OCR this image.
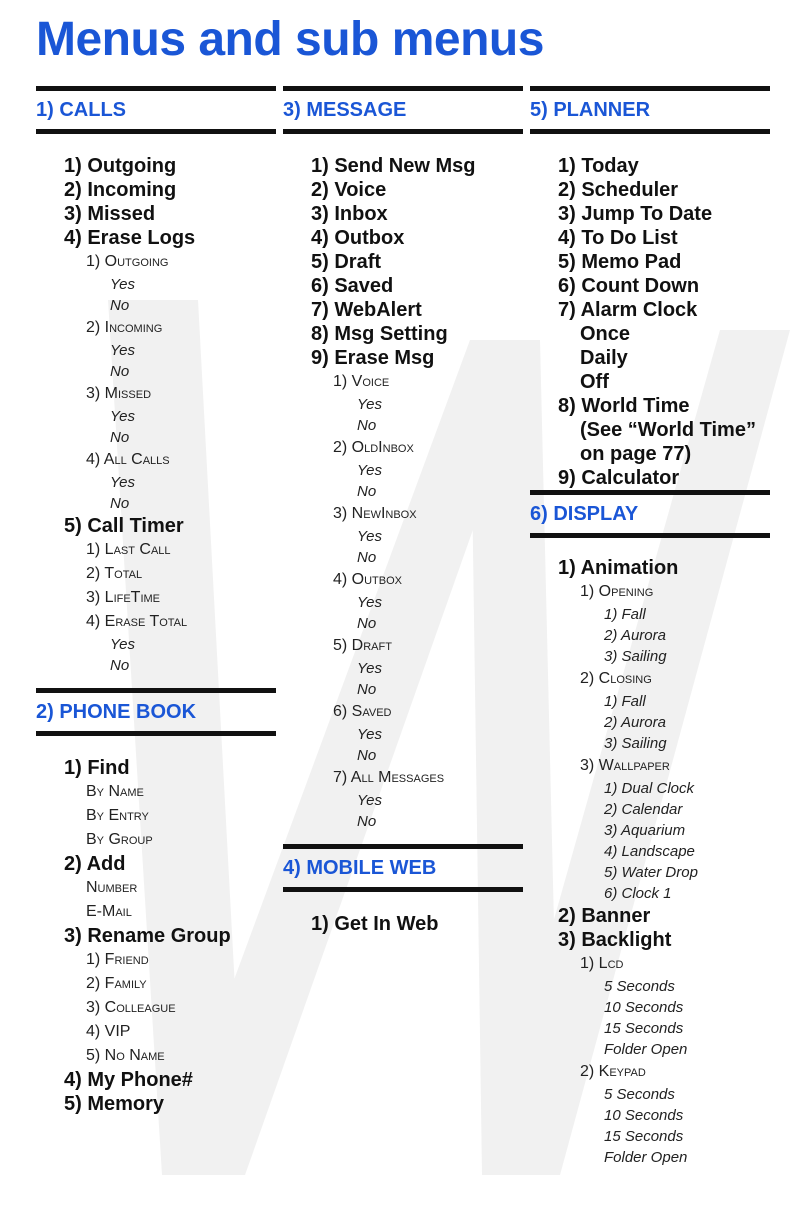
Menus and sub menus
1) CALLS
1) Outgoing
2) Incoming
3) Missed
4) Erase Logs
1) Outgoing
Yes
No
2) Incoming
Yes
No
3) Missed
Yes
No
4) All Calls
Yes
No
5) Call Timer
1) Last Call
2) Total
3) LifeTime
4) Erase Total
Yes
No
2) PHONE BOOK
1) Find
By Name
By Entry
By Group
2) Add
Number
E-Mail
3) Rename Group
1) Friend
2) Family
3) Colleague
4) VIP
5) No Name
4) My Phone#
5) Memory
3) MESSAGE
1) Send New Msg
2) Voice
3) Inbox
4) Outbox
5) Draft
6) Saved
7) WebAlert
8) Msg Setting
9) Erase Msg
1) Voice
Yes
No
2) OldInbox
Yes
No
3) NewInbox
Yes
No
4) Outbox
Yes
No
5) Draft
Yes
No
6) Saved
Yes
No
7) All Messages
Yes
No
4) MOBILE WEB
1) Get In Web
5) PLANNER
1) Today
2) Scheduler
3) Jump To Date
4) To Do List
5) Memo Pad
6) Count Down
7) Alarm Clock
Once
Daily
Off
8) World Time
(See “World Time”
on page 77)
9) Calculator
6) DISPLAY
1) Animation
1) Opening
1) Fall
2) Aurora
3) Sailing
2) Closing
1) Fall
2) Aurora
3) Sailing
3) Wallpaper
1) Dual Clock
2) Calendar
3) Aquarium
4) Landscape
5) Water Drop
6) Clock 1
2) Banner
3) Backlight
1) Lcd
5 Seconds
10 Seconds
15 Seconds
Folder Open
2) Keypad
5 Seconds
10 Seconds
15 Seconds
Folder Open
